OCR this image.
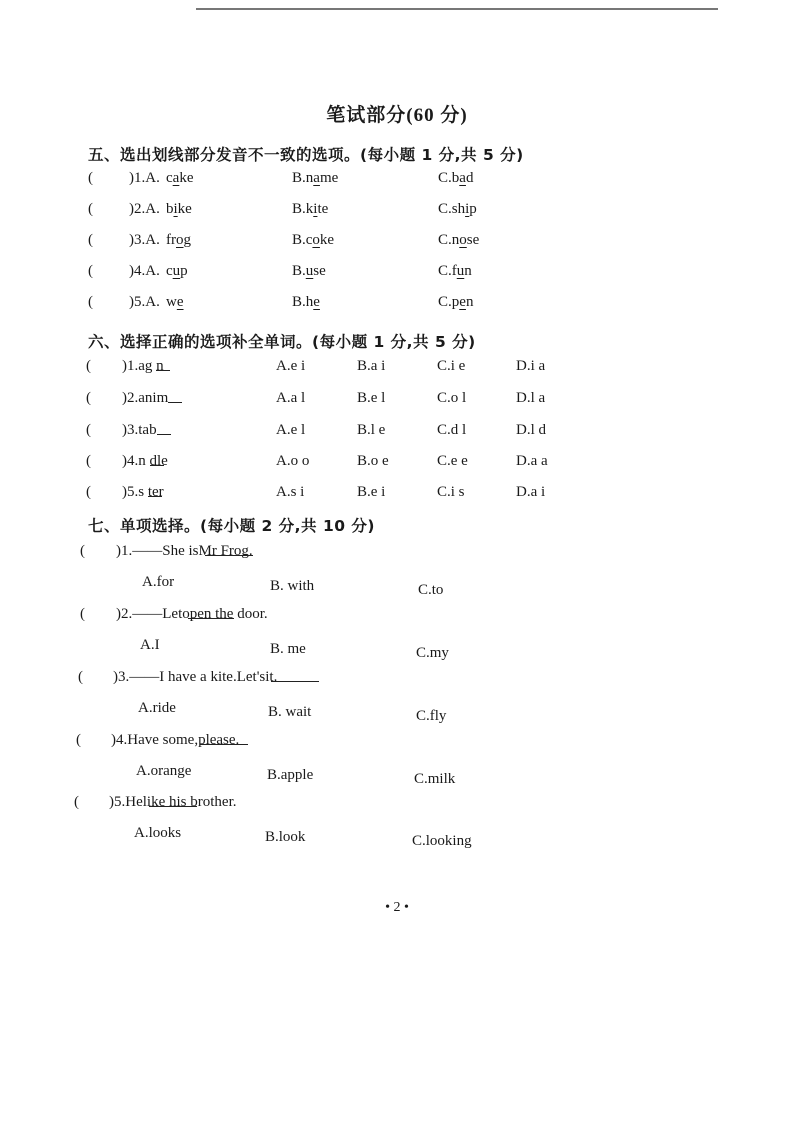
笔试部分(60 分)
五、选出划线部分发音不一致的选项。(每小题 1 分,共 5 分)
( )1.A. cake	B.name	C.bad
( )2.A. bike	B.kite	C.ship
( )3.A. frog	B.coke	C.nose
( )4.A. cup	B.use	C.fun
( )5.A. we	B.he	C.pen
六、选择正确的选项补全单词。(每小题 1 分,共 5 分)
( )1.ag n	A.e i	B.a i	C.i e	D.i a
( )2.anim	A.a l	B.e l	C.o l	D.l a
( )3.tab	A.e l	B.l e	C.d l	D.l d
( )4.n dle	A.o o	B.o e	C.e e	D.a a
( )5.s ter	A.s i	B.e i	C.i s	D.a i
七、单项选择。(每小题 2 分,共 10 分)
( )1.——She is
Mr Frog.
A.for	B. with	C.to
( )2.——Let
open the door.
A.I	B. me	C.my
( )3.——I have a kite.Let's
it.
A.ride	B. wait	C.fly
( )4.Have some
,please.
A.orange	B.apple	C.milk
( )5.He
like his brother.
A.looks	B.look	C.looking
• 2 •
